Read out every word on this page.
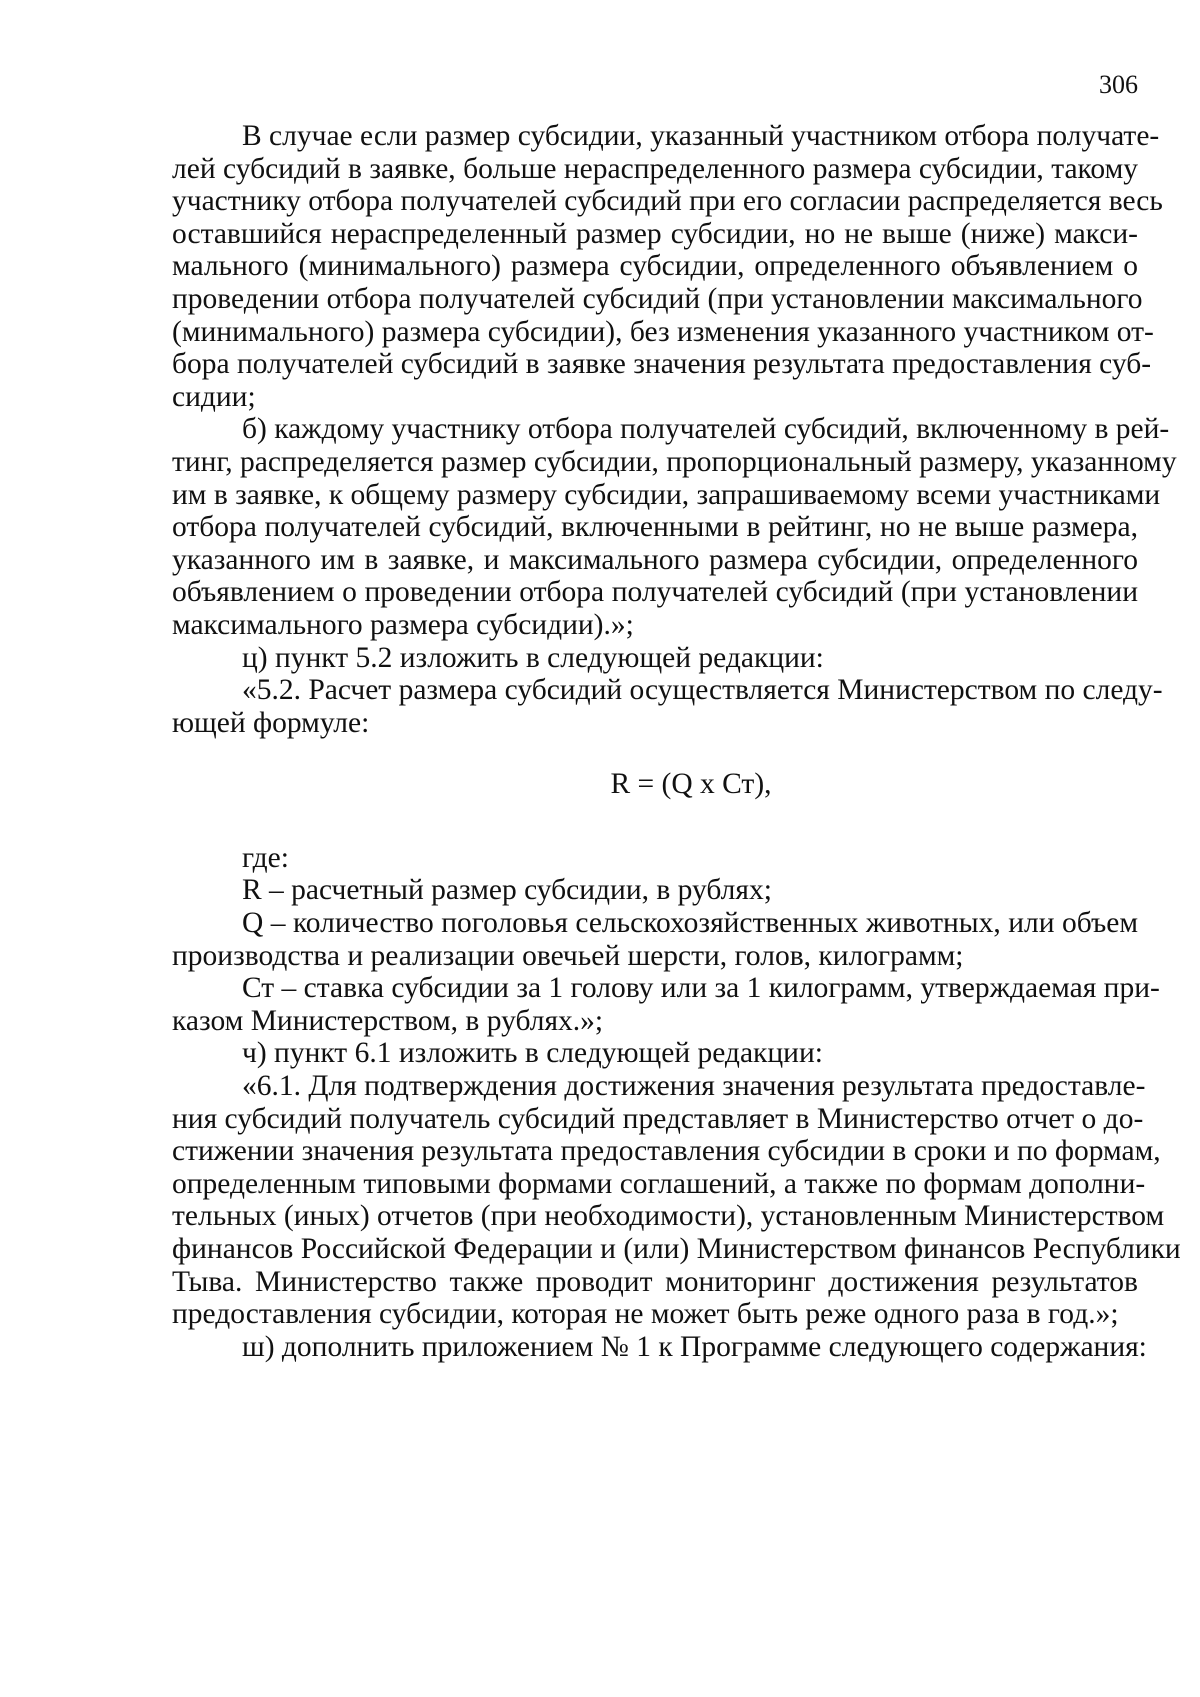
306
В случае если размер субсидии, указанный участником отбора получате-
лей субсидий в заявке, больше нераспределенного размера субсидии, такому
участнику отбора получателей субсидий при его согласии распределяется весь
оставшийся нераспределенный размер субсидии, но не выше (ниже) макси-
мального (минимального) размера субсидии, определенного объявлением о
проведении отбора получателей субсидий (при установлении максимального
(минимального) размера субсидии), без изменения указанного участником от-
бора получателей субсидий в заявке значения результата предоставления суб-
сидии;
б) каждому участнику отбора получателей субсидий, включенному в рей-
тинг, распределяется размер субсидии, пропорциональный размеру, указанному
им в заявке, к общему размеру субсидии, запрашиваемому всеми участниками
отбора получателей субсидий, включенными в рейтинг, но не выше размера,
указанного им в заявке, и максимального размера субсидии, определенного
объявлением о проведении отбора получателей субсидий (при установлении
максимального размера субсидии).»;
ц) пункт 5.2 изложить в следующей редакции:
«5.2. Расчет размера субсидий осуществляется Министерством по следу-
ющей формуле:
R = (Q x Ст),
где:
R – расчетный размер субсидии, в рублях;
Q – количество поголовья сельскохозяйственных животных, или объем
производства и реализации овечьей шерсти, голов, килограмм;
Ст – ставка субсидии за 1 голову или за 1 килограмм, утверждаемая при-
казом Министерством, в рублях.»;
ч) пункт 6.1 изложить в следующей редакции:
«6.1. Для подтверждения достижения значения результата предоставле-
ния субсидий получатель субсидий представляет в Министерство отчет о до-
стижении значения результата предоставления субсидии в сроки и по формам,
определенным типовыми формами соглашений, а также по формам дополни-
тельных (иных) отчетов (при необходимости), установленным Министерством
финансов Российской Федерации и (или) Министерством финансов Республики
Тыва. Министерство также проводит мониторинг достижения результатов
предоставления субсидии, которая не может быть реже одного раза в год.»;
ш) дополнить приложением № 1 к Программе следующего содержания:
